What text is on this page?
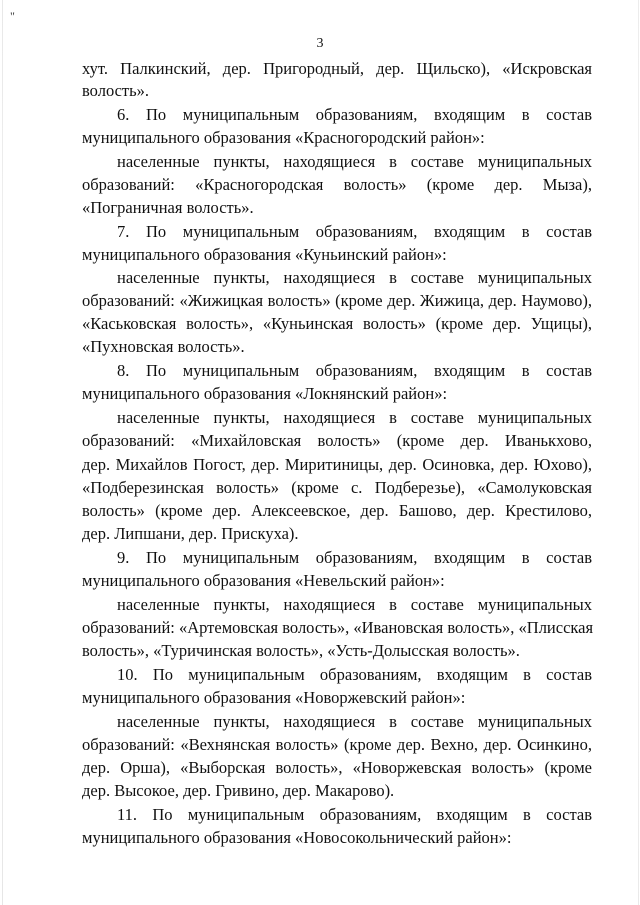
"
3
хут. Палкинский, дер. Пригородный, дер. Щильско), «Искровская
волость».
6. По муниципальным образованиям, входящим в состав
муниципального образования «Красногородский район»:
населенные пункты, находящиеся в составе муниципальных
образований: «Красногородская волость» (кроме дер. Мыза),
«Пограничная волость».
7. По муниципальным образованиям, входящим в состав
муниципального образования «Куньинский район»:
населенные пункты, находящиеся в составе муниципальных
образований: «Жижицкая волость» (кроме дер. Жижица, дер. Наумово),
«Каськовская волость», «Куньинская волость» (кроме дер. Ущицы),
«Пухновская волость».
8. По муниципальным образованиям, входящим в состав
муниципального образования «Локнянский район»:
населенные пункты, находящиеся в составе муниципальных
образований: «Михайловская волость» (кроме дер. Иванькхово,
дер. Михайлов Погост, дер. Миритиницы, дер. Осиновка, дер. Юхово),
«Подберезинская волость» (кроме с. Подберезье), «Самолуковская
волость» (кроме дер. Алексеевское, дер. Башово, дер. Крестилово,
дер. Липшани, дер. Прискуха).
9. По муниципальным образованиям, входящим в состав
муниципального образования «Невельский район»:
населенные пункты, находящиеся в составе муниципальных
образований: «Артемовская волость», «Ивановская волость», «Плисская
волость», «Туричинская волость», «Усть-Долысская волость».
10. По муниципальным образованиям, входящим в состав
муниципального образования «Новоржевский район»:
населенные пункты, находящиеся в составе муниципальных
образований: «Вехнянская волость» (кроме дер. Вехно, дер. Осинкино,
дер. Орша), «Выборская волость», «Новоржевская волость» (кроме
дер. Высокое, дер. Гривино, дер. Макарово).
11. По муниципальным образованиям, входящим в состав
муниципального образования «Новосокольнический район»:
